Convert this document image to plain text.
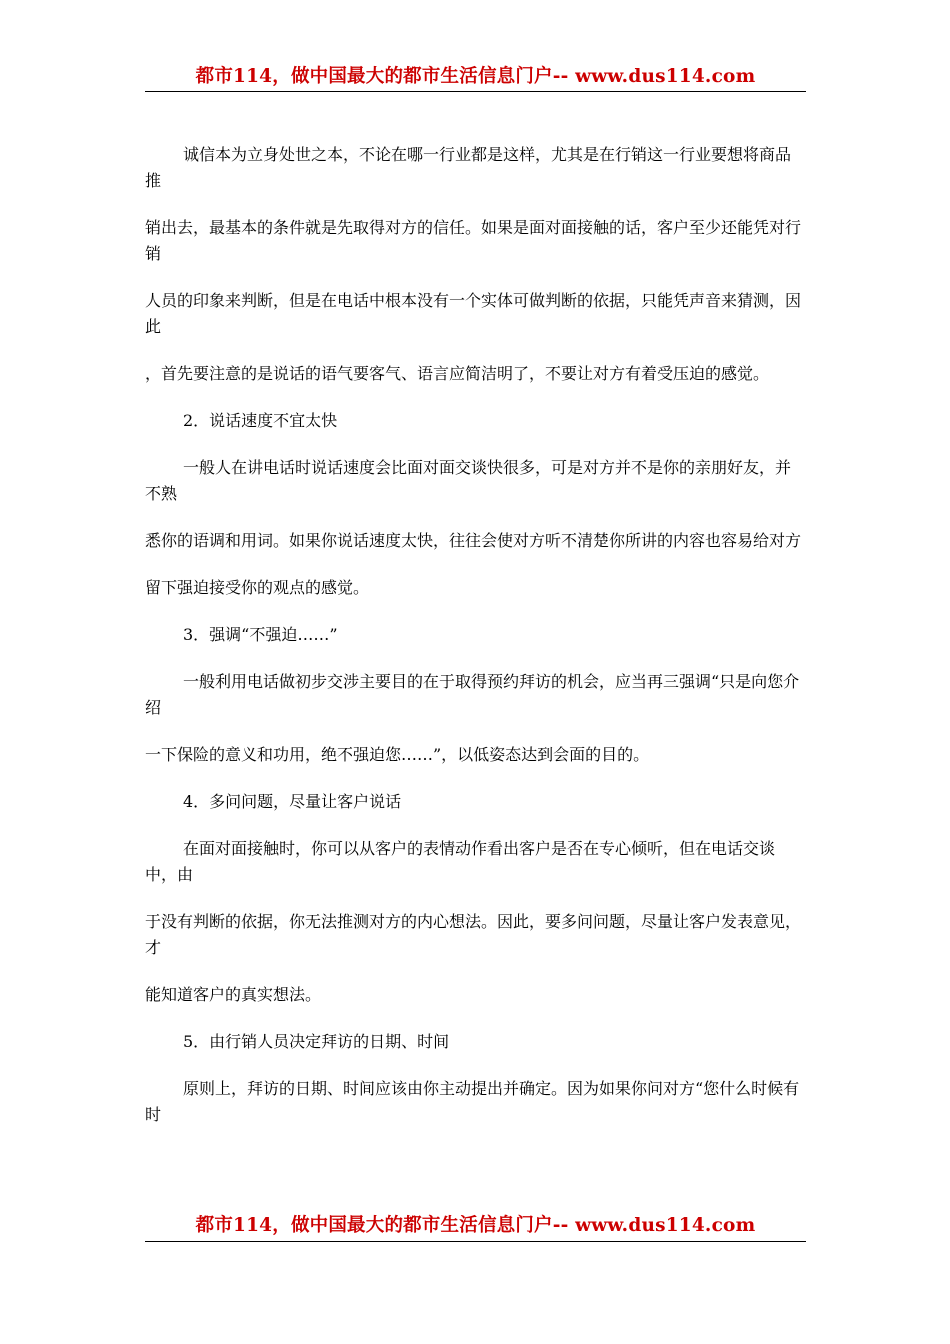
都市114，做中国最大的都市生活信息门户-- www.dus114.com

诚信本为立身处世之本，不论在哪一行业都是这样，尤其是在行销这一行业要想将商品推

销出去，最基本的条件就是先取得对方的信任。如果是面对面接触的话，客户至少还能凭对行销

人员的印象来判断，但是在电话中根本没有一个实体可做判断的依据，只能凭声音来猜测，因此

，首先要注意的是说话的语气要客气、语言应简洁明了，不要让对方有着受压迫的感觉。

2．说话速度不宜太快

一般人在讲电话时说话速度会比面对面交谈快很多，可是对方并不是你的亲朋好友，并不熟

悉你的语调和用词。如果你说话速度太快，往往会使对方听不清楚你所讲的内容也容易给对方

留下强迫接受你的观点的感觉。

3．强调“不强迫……”

一般利用电话做初步交涉主要目的在于取得预约拜访的机会，应当再三强调“只是向您介绍

一下保险的意义和功用，绝不强迫您……”，以低姿态达到会面的目的。

4．多问问题，尽量让客户说话

在面对面接触时，你可以从客户的表情动作看出客户是否在专心倾听，但在电话交谈中，由

于没有判断的依据，你无法推测对方的内心想法。因此，要多问问题，尽量让客户发表意见，才

能知道客户的真实想法。

5．由行销人员决定拜访的日期、时间

原则上，拜访的日期、时间应该由你主动提出并确定。因为如果你问对方“您什么时候有时

都市114，做中国最大的都市生活信息门户-- www.dus114.com
